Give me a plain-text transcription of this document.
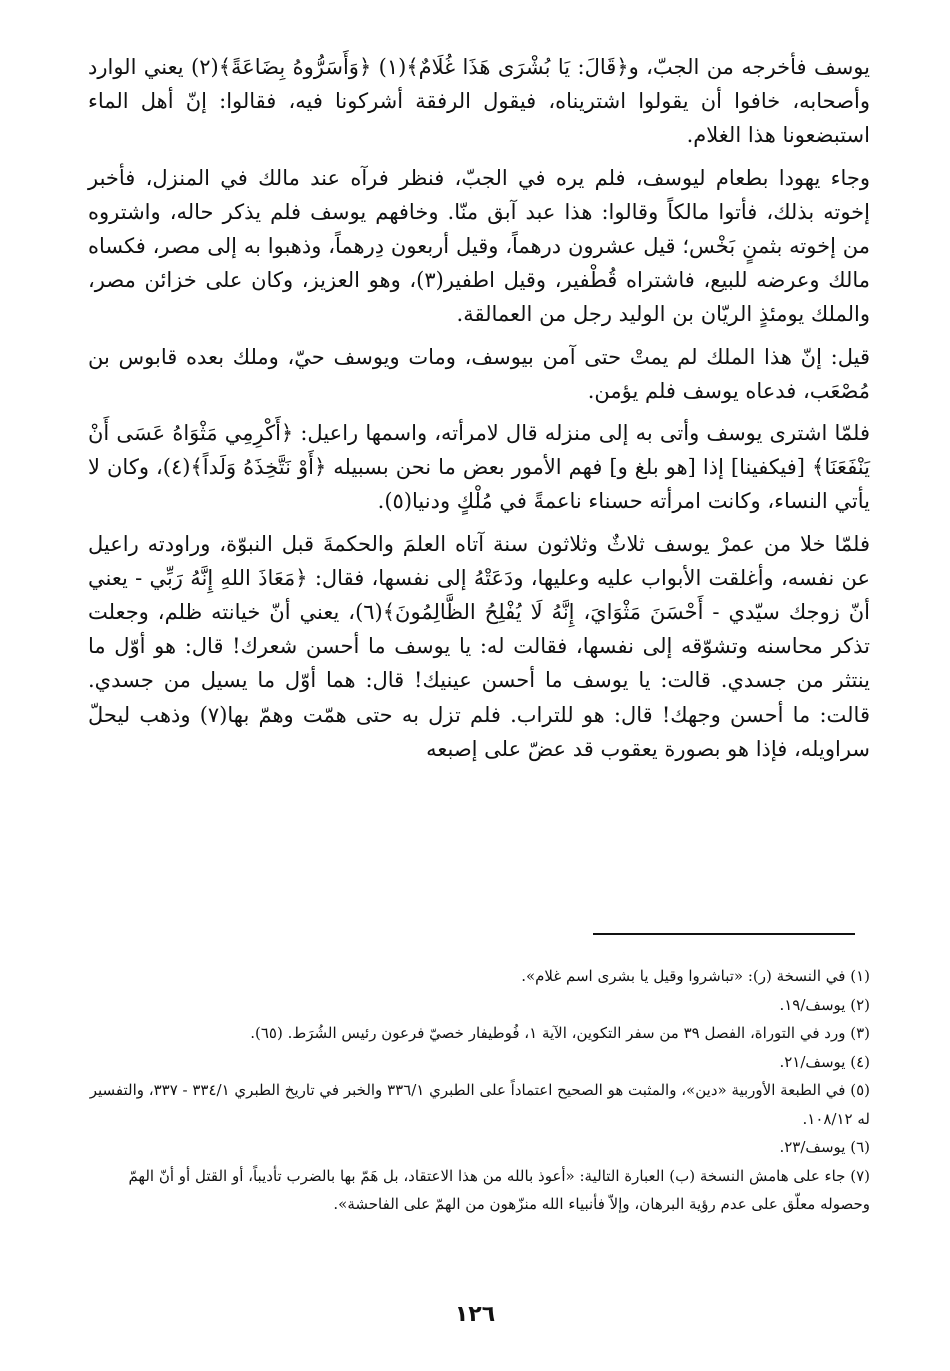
يوسف فأخرجه من الجبّ، و﴿قَالَ: يَا بُشْرَى هَذَا غُلَامٌ﴾(١) ﴿وَأَسَرُّوهُ بِضَاعَةً﴾(٢) يعني الوارد وأصحابه، خافوا أن يقولوا اشتريناه، فيقول الرفقة أشركونا فيه، فقالوا: إنّ أهل الماء استبضعونا هذا الغلام.

وجاء يهودا بطعام ليوسف، فلم يره في الجبّ، فنظر فرآه عند مالك في المنزل، فأخبر إخوته بذلك، فأتوا مالكاً وقالوا: هذا عبد آبق منّا. وخافهم يوسف فلم يذكر حاله، واشتروه من إخوته بثمنٍ بَخْس؛ قيل عشرون درهماً، وقيل أربعون دِرهماً، وذهبوا به إلى مصر، فكساه مالك وعرضه للبيع، فاشتراه قُطْفير، وقيل اطفير(٣)، وهو العزيز، وكان على خزائن مصر، والملك يومئذٍ الريّان بن الوليد رجل من العمالقة.

قيل: إنّ هذا الملك لم يمتْ حتى آمن بيوسف، ومات ويوسف حيّ، وملك بعده قابوس بن مُصْعَب، فدعاه يوسف فلم يؤمن.

فلمّا اشترى يوسف وأتى به إلى منزله قال لامرأته، واسمها راعيل: ﴿أَكْرِمِي مَثْوَاهُ عَسَى أَنْ يَنْفَعَنَا﴾ [فيكفينا] إذا [هو بلغ و] فهم الأمور بعض ما نحن بسبيله ﴿أَوْ نَتَّخِذَهُ وَلَداً﴾(٤)، وكان لا يأتي النساء، وكانت امرأته حسناء ناعمةً في مُلْكٍ ودنيا(٥).

فلمّا خلا من عمرْ يوسف ثلاثٌ وثلاثون سنة آتاه العلمَ والحكمةَ قبل النبوّة، وراودته راعيل عن نفسه، وأغلقت الأبواب عليه وعليها، ودَعَتْهُ إلى نفسها، فقال: ﴿مَعَاذَ اللهِ إِنَّهُ رَبِّي - يعني أنّ زوجك سيّدي - أَحْسَنَ مَثْوَايَ، إِنَّهُ لَا يُفْلِحُ الظَّالِمُونَ﴾(٦)، يعني أنّ خيانته ظلم، وجعلت تذكر محاسنه وتشوّقه إلى نفسها، فقالت له: يا يوسف ما أحسن شعرك! قال: هو أوّل ما ينتثر من جسدي. قالت: يا يوسف ما أحسن عينيك! قال: هما أوّل ما يسيل من جسدي. قالت: ما أحسن وجهك! قال: هو للتراب. فلم تزل به حتى همّت وهمّ بها(٧) وذهب ليحلّ سراويله، فإذا هو بصورة يعقوب قد عضّ على إصبعه

(١) في النسخة (ر): «تباشروا وقيل يا بشرى اسم غلام».

(٢) يوسف/١٩.

(٣) ورد في التوراة، الفصل ٣٩ من سفر التكوين، الآية ١، فُوطيفار خصيّ فرعون رئيس الشُرَط. (٦٥).

(٤) يوسف/٢١.

(٥) في الطبعة الأوربية «دين»، والمثبت هو الصحيح اعتماداً على الطبري ٣٣٦/١ والخبر في تاريخ الطبري ٣٣٤/١ - ٣٣٧، والتفسير له ١٠٨/١٢.

(٦) يوسف/٢٣.

(٧) جاء على هامش النسخة (ب) العبارة التالية: «أعوذ بالله من هذا الاعتقاد، بل هَمّ بها بالضرب تأديباً، أو القتل أو أنّ الهمّ وحصوله معلّق على عدم رؤية البرهان، وإلاّ فأنبياء الله منزّهون من الهمّ على الفاحشة».

١٢٦
